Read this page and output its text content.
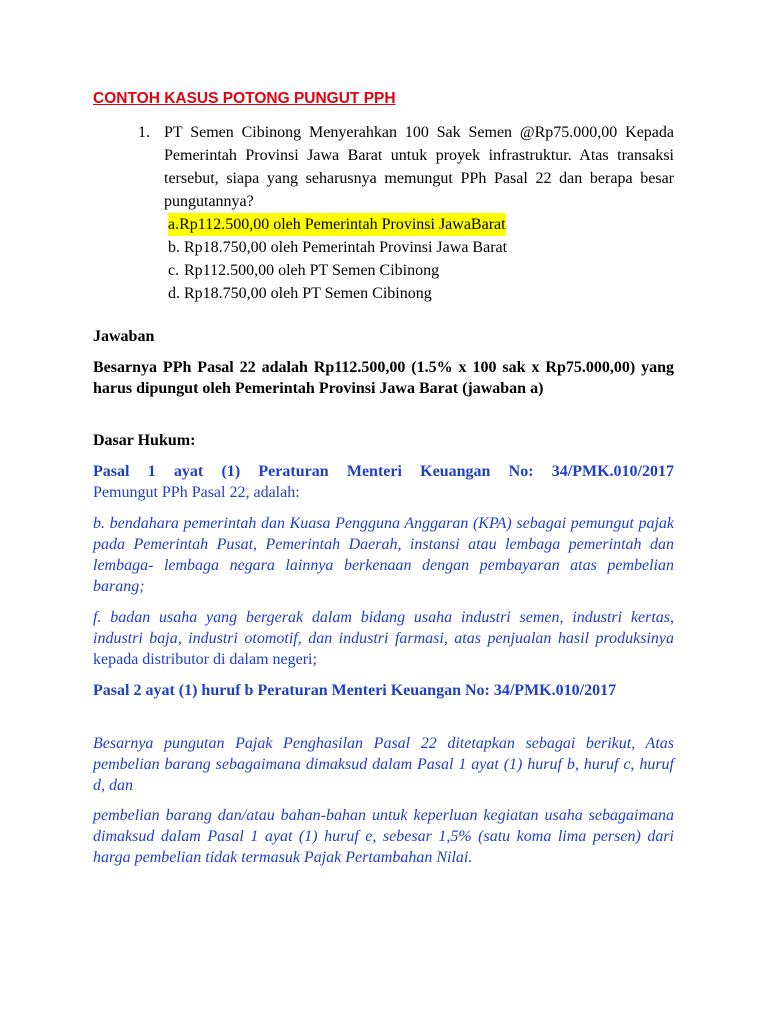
CONTOH KASUS POTONG PUNGUT PPH
1. PT Semen Cibinong Menyerahkan 100 Sak Semen @Rp75.000,00 Kepada Pemerintah Provinsi Jawa Barat untuk proyek infrastruktur. Atas transaksi tersebut, siapa yang seharusnya memungut PPh Pasal 22 dan berapa besar pungutannya?
a.Rp112.500,00 oleh Pemerintah Provinsi JawaBarat
b. Rp18.750,00 oleh Pemerintah Provinsi Jawa Barat
c. Rp112.500,00 oleh PT Semen Cibinong
d. Rp18.750,00 oleh PT Semen Cibinong
Jawaban
Besarnya PPh Pasal 22 adalah Rp112.500,00 (1.5% x 100 sak x Rp75.000,00) yang harus dipungut oleh Pemerintah Provinsi Jawa Barat (jawaban a)
Dasar Hukum:
Pasal 1 ayat (1) Peraturan Menteri Keuangan No: 34/PMK.010/2017
Pemungut PPh Pasal 22, adalah:
b. bendahara pemerintah dan Kuasa Pengguna Anggaran (KPA) sebagai pemungut pajak pada Pemerintah Pusat, Pemerintah Daerah, instansi atau lembaga pemerintah dan lembaga- lembaga negara lainnya berkenaan dengan pembayaran atas pembelian barang;
f. badan usaha yang bergerak dalam bidang usaha industri semen, industri kertas, industri baja, industri otomotif, dan industri farmasi, atas penjualan hasil produksinya kepada distributor di dalam negeri;
Pasal 2 ayat (1) huruf b Peraturan Menteri Keuangan No: 34/PMK.010/2017
Besarnya pungutan Pajak Penghasilan Pasal 22 ditetapkan sebagai berikut, Atas pembelian barang sebagaimana dimaksud dalam Pasal 1 ayat (1) huruf b, huruf c, huruf d, dan
pembelian barang dan/atau bahan-bahan untuk keperluan kegiatan usaha sebagaimana dimaksud dalam Pasal 1 ayat (1) huruf e, sebesar 1,5% (satu koma lima persen) dari harga pembelian tidak termasuk Pajak Pertambahan Nilai.
